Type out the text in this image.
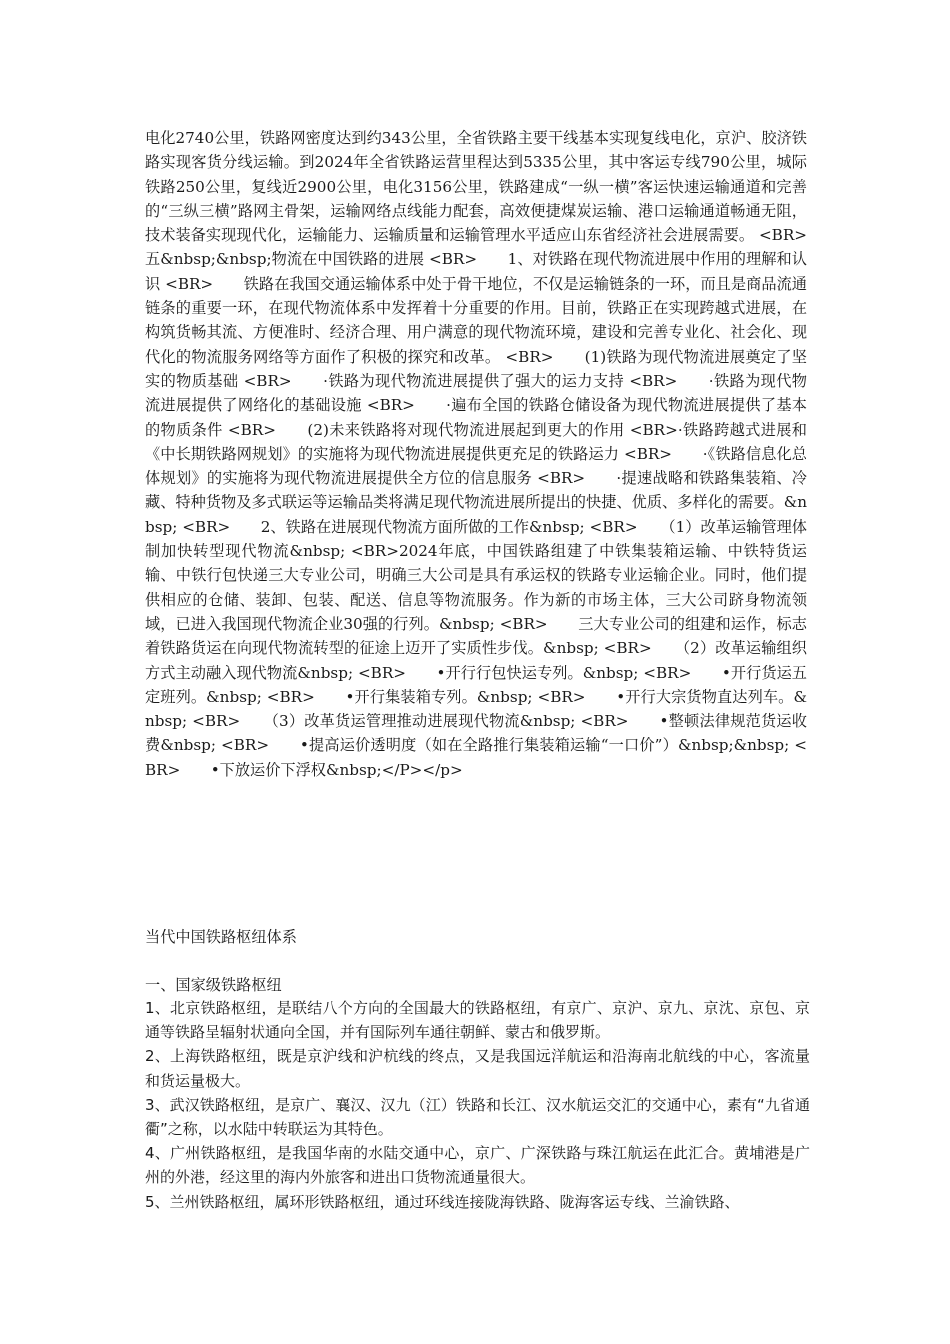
电化2740公里，铁路网密度达到约343公里，全省铁路主要干线基本实现复线电化，京沪、胶济铁路实现客货分线运输。到2024年全省铁路运营里程达到5335公里，其中客运专线790公里，城际铁路250公里，复线近2900公里，电化3156公里，铁路建成“一纵一横”客运快速运输通道和完善的“三纵三横”路网主骨架，运输网络点线能力配套，高效便捷煤炭运输、港口运输通道畅通无阻，技术装备实现现代化，运输能力、运输质量和运输管理水平适应山东省经济社会进展需要。 <BR>　　五&nbsp;&nbsp;物流在中国铁路的进展 <BR>　　1、对铁路在现代物流进展中作用的理解和认识 <BR>　　铁路在我国交通运输体系中处于骨干地位，不仅是运输链条的一环，而且是商品流通链条的重要一环，在现代物流体系中发挥着十分重要的作用。目前，铁路正在实现跨越式进展，在构筑货畅其流、方便准时、经济合理、用户满意的现代物流环境，建设和完善专业化、社会化、现代化的物流服务网络等方面作了积极的探究和改革。 <BR>　　(1)铁路为现代物流进展奠定了坚实的物质基础 <BR>　　·铁路为现代物流进展提供了强大的运力支持 <BR>　　·铁路为现代物流进展提供了网络化的基础设施 <BR>　　·遍布全国的铁路仓储设备为现代物流进展提供了基本的物质条件 <BR>　　(2)未来铁路将对现代物流进展起到更大的作用 <BR>·铁路跨越式进展和《中长期铁路网规划》的实施将为现代物流进展提供更充足的铁路运力 <BR>　　·《铁路信息化总体规划》的实施将为现代物流进展提供全方位的信息服务 <BR>　　·提速战略和铁路集装箱、冷藏、特种货物及多式联运等运输品类将满足现代物流进展所提出的快捷、优质、多样化的需要。&nbsp; <BR>　　2、铁路在进展现代物流方面所做的工作&nbsp; <BR>　　（1）改革运输管理体制加快转型现代物流&nbsp; <BR>2024年底，中国铁路组建了中铁集装箱运输、中铁特货运输、中铁行包快递三大专业公司，明确三大公司是具有承运权的铁路专业运输企业。同时，他们提供相应的仓储、装卸、包装、配送、信息等物流服务。作为新的市场主体，三大公司跻身物流领域，已进入我国现代物流企业30强的行列。&nbsp; <BR>　　三大专业公司的组建和运作，标志着铁路货运在向现代物流转型的征途上迈开了实质性步伐。&nbsp; <BR>　　（2）改革运输组织方式主动融入现代物流&nbsp; <BR>　　•开行行包快运专列。&nbsp; <BR>　　•开行货运五定班列。&nbsp; <BR>　　•开行集装箱专列。&nbsp; <BR>　　•开行大宗货物直达列车。&nbsp; <BR>　　（3）改革货运管理推动进展现代物流&nbsp; <BR>　　•整顿法律规范货运收费&nbsp; <BR>　　•提高运价透明度（如在全路推行集装箱运输“一口价”）&nbsp;&nbsp; <BR>　　•下放运价下浮权&nbsp;</P></p>

当代中国铁路枢纽体系
一、国家级铁路枢纽

1、北京铁路枢纽，是联结八个方向的全国最大的铁路枢纽，有京广、京沪、京九、京沈、京包、京通等铁路呈辐射状通向全国，并有国际列车通往朝鲜、蒙古和俄罗斯。

2、上海铁路枢纽，既是京沪线和沪杭线的终点，又是我国远洋航运和沿海南北航线的中心，客流量和货运量极大。

3、武汉铁路枢纽，是京广、襄汉、汉九（江）铁路和长江、汉水航运交汇的交通中心，素有“九省通衢”之称，以水陆中转联运为其特色。

4、广州铁路枢纽，是我国华南的水陆交通中心，京广、广深铁路与珠江航运在此汇合。黄埔港是广州的外港，经这里的海内外旅客和进出口货物流通量很大。

5、兰州铁路枢纽，属环形铁路枢纽，通过环线连接陇海铁路、陇海客运专线、兰渝铁路、
